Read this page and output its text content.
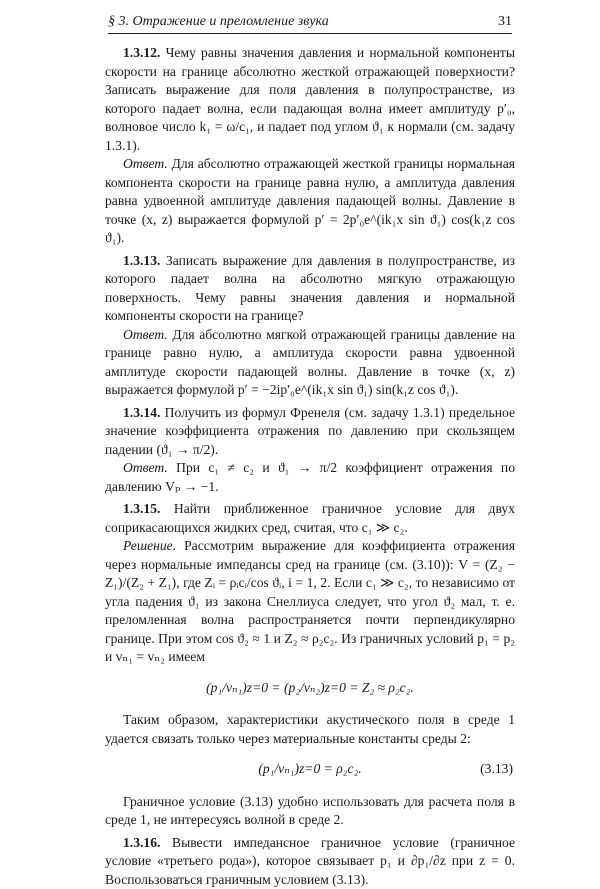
§ 3. Отражение и преломление звука	31

1.3.12. Чему равны значения давления и нормальной компоненты скорости на границе абсолютно жесткой отражающей поверхности? Записать выражение для поля давления в полупространстве, из которого падает волна, если падающая волна имеет амплитуду p′₀, волновое число k₁ = ω/c₁, и падает под углом ϑ₁ к нормали (см. задачу 1.3.1).

Ответ. Для абсолютно отражающей жесткой границы нормальная компонента скорости на границе равна нулю, а амплитуда давления равна удвоенной амплитуде давления падающей волны. Давление в точке (x, z) выражается формулой p′ = 2p′₀e^(ik₁x sin ϑ₁) cos(k₁z cos ϑ₁).

1.3.13. Записать выражение для давления в полупространстве, из которого падает волна на абсолютно мягкую отражающую поверхность. Чему равны значения давления и нормальной компоненты скорости на границе?

Ответ. Для абсолютно мягкой отражающей границы давление на границе равно нулю, а амплитуда скорости равна удвоенной амплитуде скорости падающей волны. Давление в точке (x, z) выражается формулой p′ = −2ip′₀e^(ik₁x sin ϑ₁) sin(k₁z cos ϑ₁).

1.3.14. Получить из формул Френеля (см. задачу 1.3.1) предельное значение коэффициента отражения по давлению при скользящем падении (ϑ₁ → π/2).

Ответ. При c₁ ≠ c₂ и ϑ₁ → π/2 коэффициент отражения по давлению Vₚ → −1.

1.3.15. Найти приближенное граничное условие для двух соприкасающихся жидких сред, считая, что c₁ ≫ c₂.

Решение. Рассмотрим выражение для коэффициента отражения через нормальные импедансы сред на границе (см. (3.10)): V = (Z₂ − Z₁)/(Z₂ + Z₁), где Zᵢ = ρᵢcᵢ/cos ϑᵢ, i = 1, 2. Если c₁ ≫ c₂, то независимо от угла падения ϑ₁ из закона Снеллиуса следует, что угол ϑ₂ мал, т. е. преломленная волна распространяется почти перпендикулярно границе. При этом cos ϑ₂ ≈ 1 и Z₂ ≈ ρ₂c₂. Из граничных условий p₁ = p₂ и vₙ₁ = vₙ₂ имеем

(p₁/vₙ₁)z=0 = (p₂/vₙ₂)z=0 = Z₂ ≈ ρ₂c₂.

Таким образом, характеристики акустического поля в среде 1 удается связать только через материальные константы среды 2:

(p₁/vₙ₁)z=0 = ρ₂c₂.	(3.13)

Граничное условие (3.13) удобно использовать для расчета поля в среде 1, не интересуясь волной в среде 2.

1.3.16. Вывести импедансное граничное условие (граничное условие «третьего рода»), которое связывает p₁ и ∂p₁/∂z при z = 0. Воспользоваться граничным условием (3.13).
